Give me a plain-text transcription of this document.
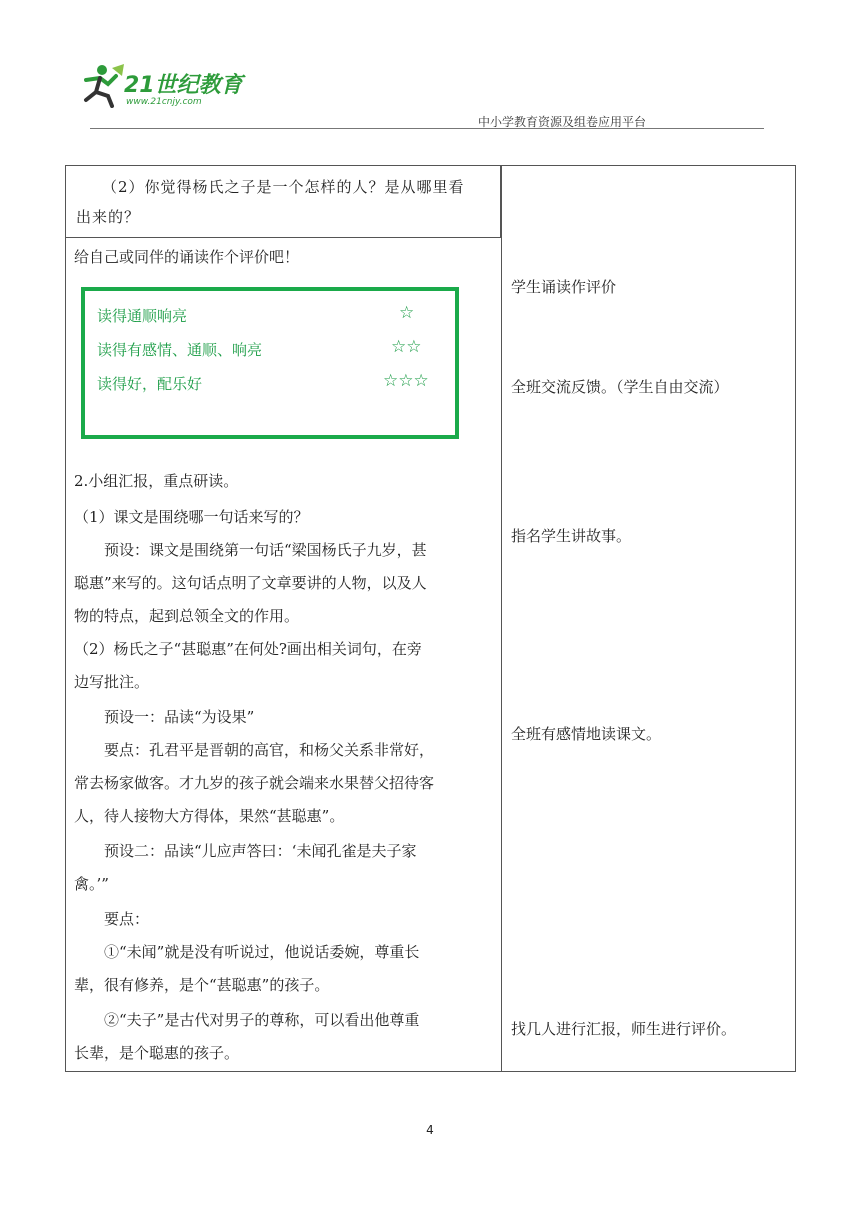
21世纪教育
www.21cnjy.com
中小学教育资源及组卷应用平台
（2）你觉得杨氏之子是一个怎样的人？是从哪里看
出来的？
给自己或同伴的诵读作个评价吧！
读得通顺响亮	☆
读得有感情、通顺、响亮	☆☆
读得好，配乐好	☆☆☆
2.小组汇报，重点研读。
（1）课文是围绕哪一句话来写的？
　　预设：课文是围绕第一句话“梁国杨氏子九岁，甚
聪惠”来写的。这句话点明了文章要讲的人物，以及人
物的特点，起到总领全文的作用。
（2）杨氏之子“甚聪惠”在何处?画出相关词句，在旁
边写批注。
　　预设一：品读“为设果”
　　要点：孔君平是晋朝的高官，和杨父关系非常好，
常去杨家做客。才九岁的孩子就会端来水果替父招待客
人，待人接物大方得体，果然“甚聪惠”。
　　预设二：品读“儿应声答曰：‘未闻孔雀是夫子家
禽。’”
　　要点：
　　①“未闻”就是没有听说过，他说话委婉，尊重长
辈，很有修养，是个“甚聪惠”的孩子。
　　②“夫子”是古代对男子的尊称，可以看出他尊重
长辈，是个聪惠的孩子。
学生诵读作评价
全班交流反馈。（学生自由交流）
指名学生讲故事。
全班有感情地读课文。
找几人进行汇报，师生进行评价。
4
